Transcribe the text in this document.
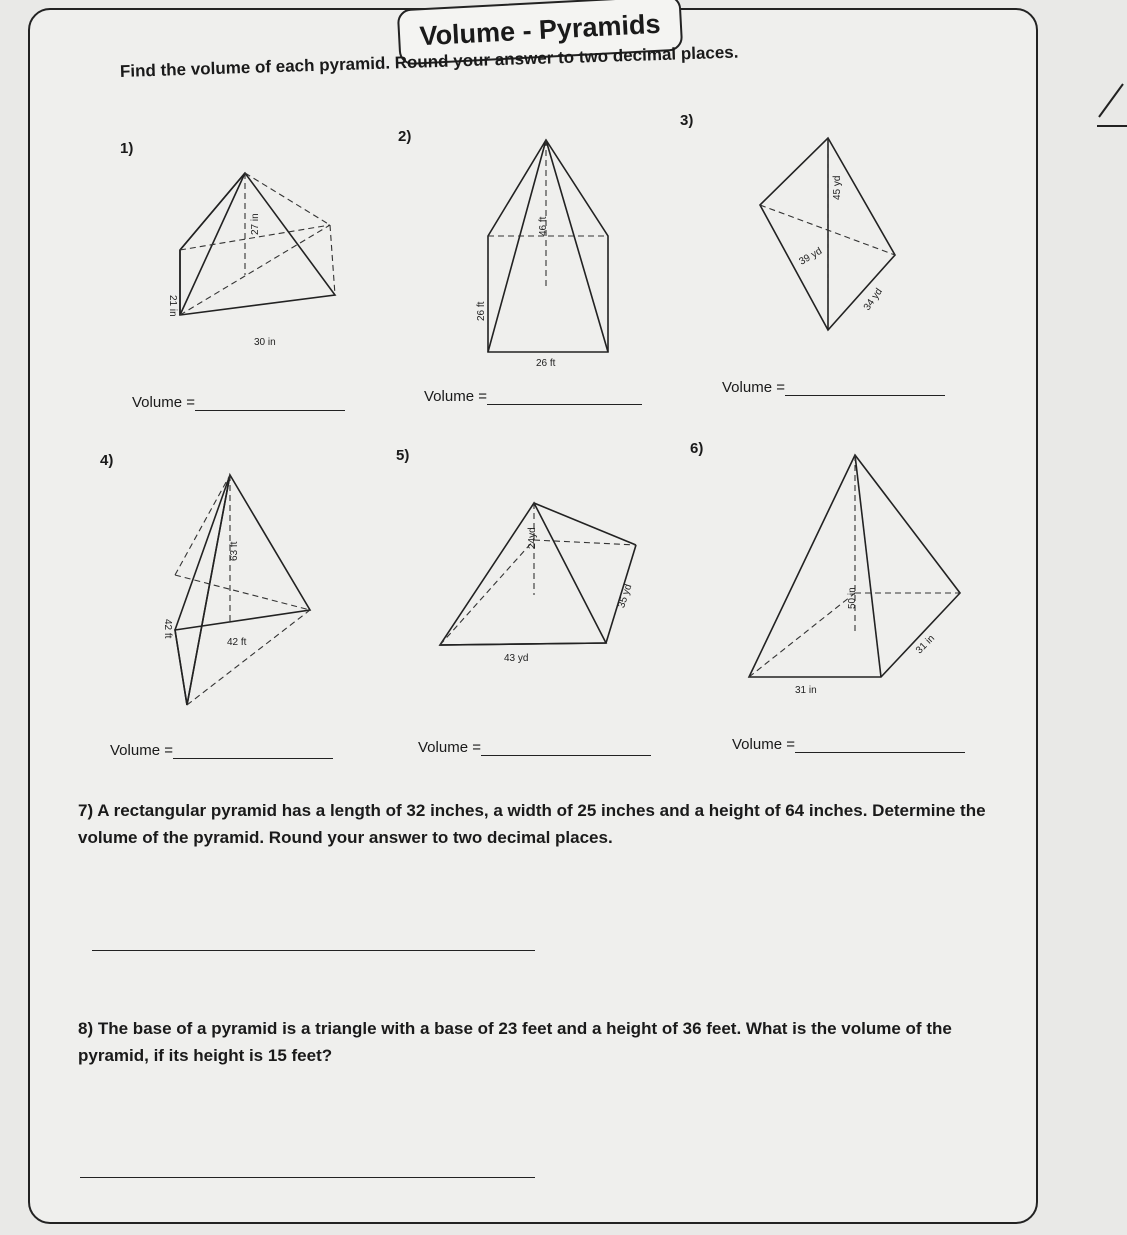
Volume - Pyramids
Find the volume of each pyramid. Round your answer to two decimal places.
1)
2)
3)
4)	5)	6)
27 in
21 in
30 in
46 ft
26 ft
26 ft
45 yd
39 yd
34 yd
Volume =	Volume =
Volume =
63 ft
42 ft
42 ft
24yd
35 yd
43 yd
50 in
31 in
31 in
Volume =	Volume =	Volume =
7) A rectangular pyramid has a length of 32 inches, a width of 25 inches and a height of 64 inches. Determine the volume of the pyramid. Round your answer to two decimal places.
8) The base of a pyramid is a triangle with a base of 23 feet and a height of 36 feet. What is the volume of the pyramid, if its height is 15 feet?
